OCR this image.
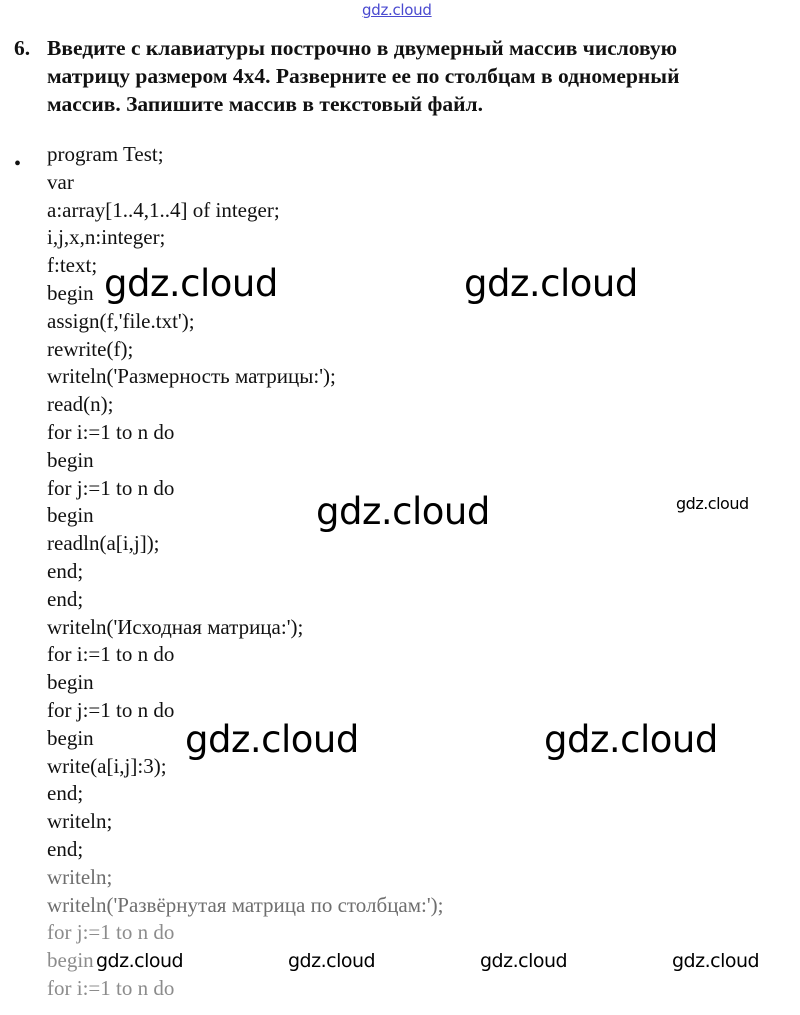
gdz.cloud
6. Введите с клавиатуры построчно в двумерный массив числовую
матрицу размером 4x4. Разверните ее по столбцам в одномерный
массив. Запишите массив в текстовый файл.
• program Test;
var
a:array[1..4,1..4] of integer;
i,j,x,n:integer;
f:text;
begin
assign(f,'file.txt');
rewrite(f);
writeln('Размерность матрицы:');
read(n);
for i:=1 to n do
begin
for j:=1 to n do
begin
readln(a[i,j]);
end;
end;
writeln('Исходная матрица:');
for i:=1 to n do
begin
for j:=1 to n do
begin
write(a[i,j]:3);
end;
writeln;
end;
writeln;
writeln('Развёрнутая матрица по столбцам:');
for j:=1 to n do
begin
for i:=1 to n do
gdz.cloud	gdz.cloud
gdz.cloud	gdz.cloud
gdz.cloud	gdz.cloud
gdz.cloud	gdz.cloud	gdz.cloud	gdz.cloud
